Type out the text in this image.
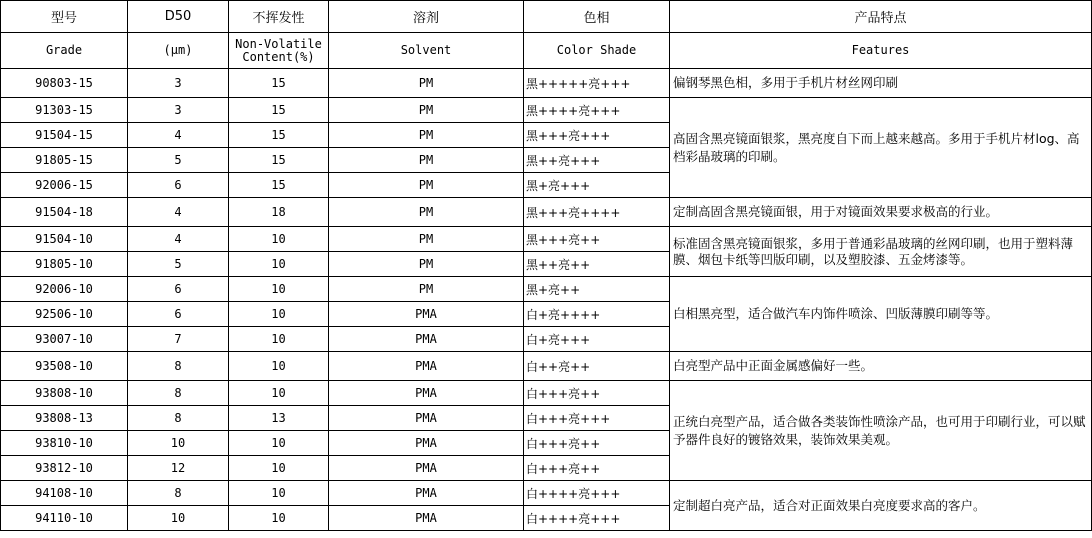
型号	D50	不挥发性	溶剂	色相	产品特点
Grade	(μm)	Non-Volatile Content(%)	Solvent	Color Shade	Features
90803-15	3	15	PM	黑+++++亮+++	偏钢琴黑色相，多用于手机片材丝网印刷
91303-15	3	15	PM	黑++++亮+++	高固含黑亮镜面银浆，黑亮度自下而上越来越高。多用于手机片材log、高档彩晶玻璃的印刷。
91504-15	4	15	PM	黑+++亮+++	
91805-15	5	15	PM	黑++亮+++	
92006-15	6	15	PM	黑+亮+++	
91504-18	4	18	PM	黑+++亮++++	定制高固含黑亮镜面银，用于对镜面效果要求极高的行业。
91504-10	4	10	PM	黑+++亮++	标准固含黑亮镜面银浆，多用于普通彩晶玻璃的丝网印刷，也用于塑料薄膜、烟包卡纸等凹版印刷，以及塑胶漆、五金烤漆等。
91805-10	5	10	PM	黑++亮++	
92006-10	6	10	PM	黑+亮++	白相黑亮型，适合做汽车内饰件喷涂、凹版薄膜印刷等等。
92506-10	6	10	PMA	白+亮++++	
93007-10	7	10	PMA	白+亮+++	
93508-10	8	10	PMA	白++亮++	白亮型产品中正面金属感偏好一些。
93808-10	8	10	PMA	白+++亮++	正统白亮型产品，适合做各类装饰性喷涂产品，也可用于印刷行业，可以赋予器件良好的镀铬效果，装饰效果美观。
93808-13	8	13	PMA	白+++亮+++	
93810-10	10	10	PMA	白+++亮++	
93812-10	12	10	PMA	白+++亮++	
94108-10	8	10	PMA	白++++亮+++	定制超白亮产品，适合对正面效果白亮度要求高的客户。
94110-10	10	10	PMA	白++++亮+++	
